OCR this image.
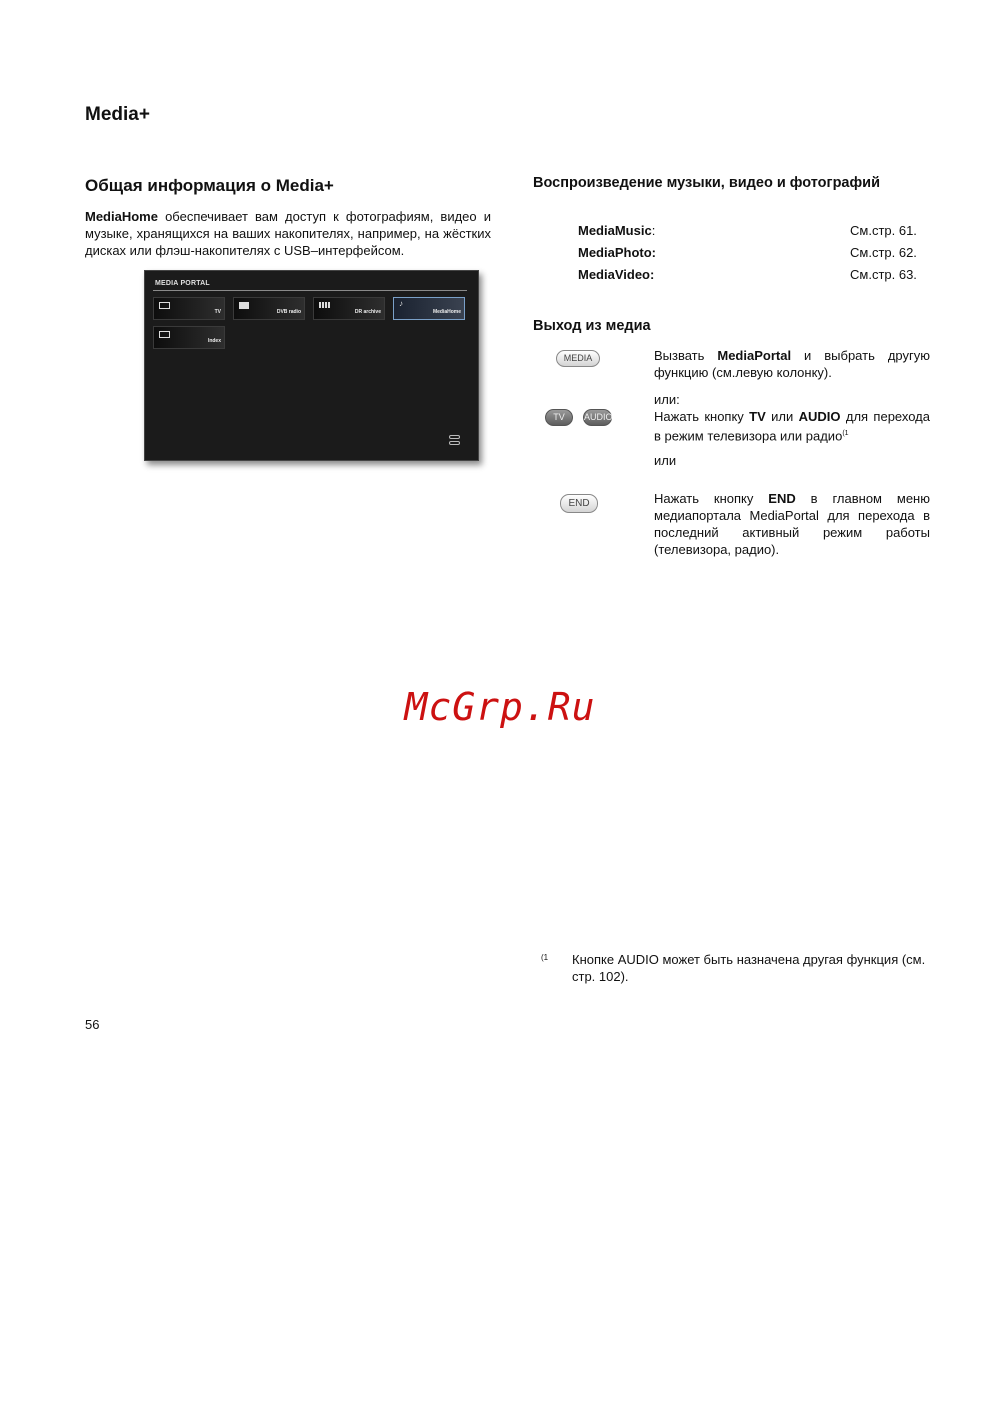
Media+
Общая информация о Media+
MediaHome обеспечивает вам доступ к фотографиям, видео и музыке, хранящихся на ваших накопителях, например, на жёстких дисках или флэш-накопителях с USB–интерфейсом.
MEDIA PORTAL
TV	DVB radio	DR archive
♪	MediaHome
Index
Воспроизведение музыки, видео и фотографий
MediaMusic:	См.стр. 61.
MediaPhoto:	См.стр. 62.
MediaVideo:	См.стр. 63.
Выход из медиа
MEDIA
TV	AUDIO
END
Вызвать MediaPortal и выбрать другую функцию (см.левую колонку).
или:
Нажать кнопку TV или AUDIO для перехода в режим телевизора или радио$^{(1}$
или
Нажать кнопку END в главном меню медиапортала MediaPortal для перехода в последний активный режим работы (телевизора, радио).
McGrp.Ru
(1 Кнопке AUDIO может быть назначена другая функция (см. стр. 102).
56
